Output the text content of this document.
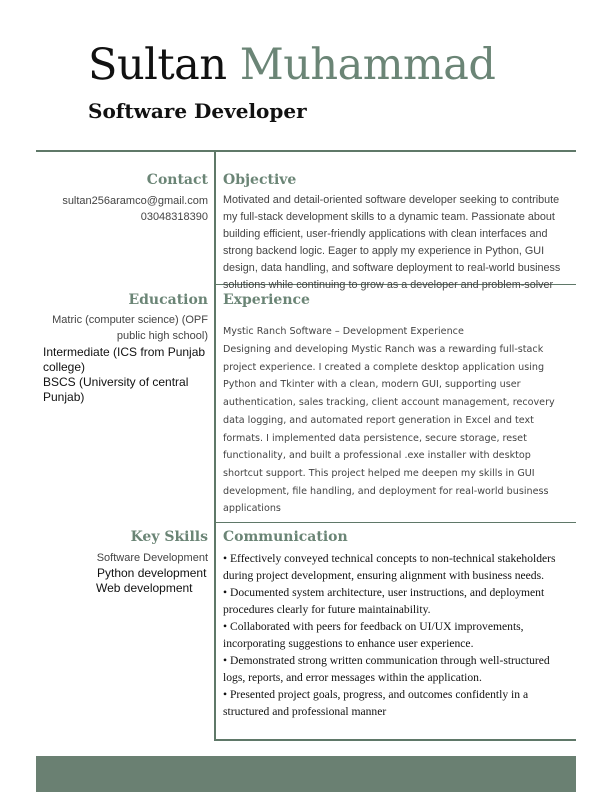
Sultan Muhammad
Software Developer
Contact
sultan256aramco@gmail.com
03048318390
Objective
Motivated and detail-oriented software developer seeking to contribute my full-stack development skills to a dynamic team. Passionate about building efficient, user-friendly applications with clean interfaces and strong backend logic. Eager to apply my experience in Python, GUI design, data handling, and software deployment to real-world business solutions while continuing to grow as a developer and problem-solver
Education
Matric (computer science) (OPF public high school)
Intermediate (ICS from Punjab college)
BSCS (University of central Punjab)
Experience
Mystic Ranch Software – Development Experience
Designing and developing Mystic Ranch was a rewarding full-stack project experience. I created a complete desktop application using Python and Tkinter with a clean, modern GUI, supporting user authentication, sales tracking, client account management, recovery data logging, and automated report generation in Excel and text formats. I implemented data persistence, secure storage, reset functionality, and built a professional .exe installer with desktop shortcut support. This project helped me deepen my skills in GUI development, file handling, and deployment for real-world business applications
Key Skills
Software Development
Python development
Web development
Communication

• Effectively conveyed technical concepts to non-technical stakeholders during project development, ensuring alignment with business needs.

• Documented system architecture, user instructions, and deployment procedures clearly for future maintainability.

• Collaborated with peers for feedback on UI/UX improvements, incorporating suggestions to enhance user experience.

• Demonstrated strong written communication through well-structured logs, reports, and error messages within the application.

• Presented project goals, progress, and outcomes confidently in a structured and professional manner
